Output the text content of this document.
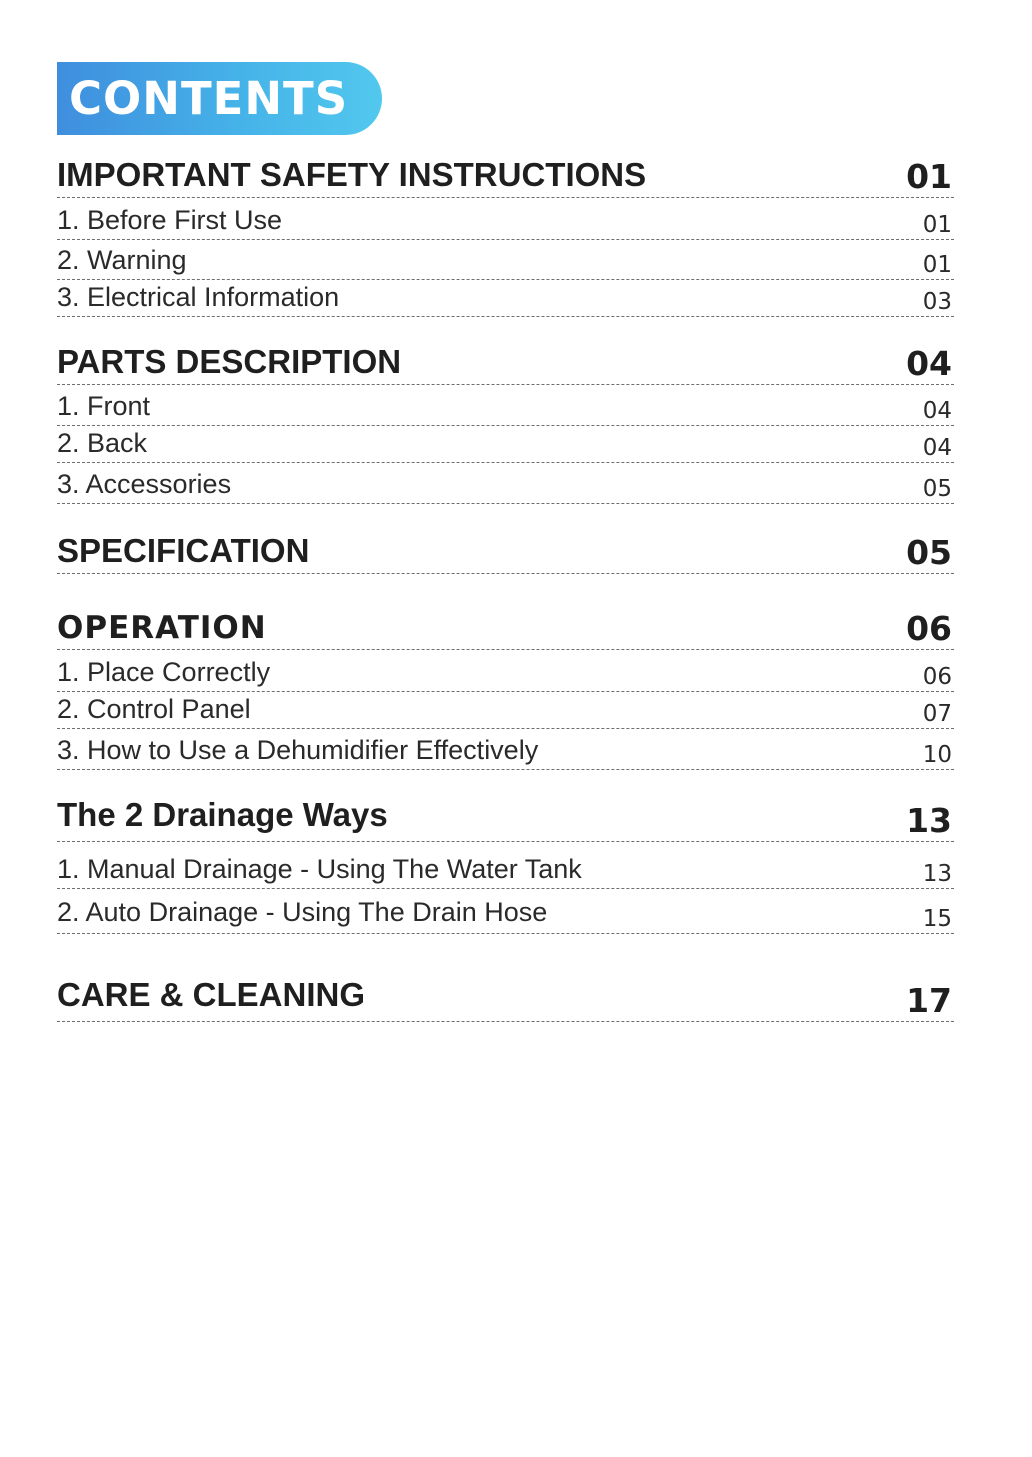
CONTENTS
IMPORTANT SAFETY INSTRUCTIONS	01
1. Before First Use	01
2. Warning	01
3. Electrical Information	03
PARTS DESCRIPTION	04
1. Front	04
2. Back	04
3. Accessories	05
SPECIFICATION	05
OPERATION	06
1. Place Correctly	06
2. Control Panel	07
3. How to Use a Dehumidifier Effectively	10
The 2 Drainage Ways	13
1. Manual Drainage - Using The Water Tank	13
2. Auto Drainage - Using The Drain Hose	15
CARE & CLEANING	17
